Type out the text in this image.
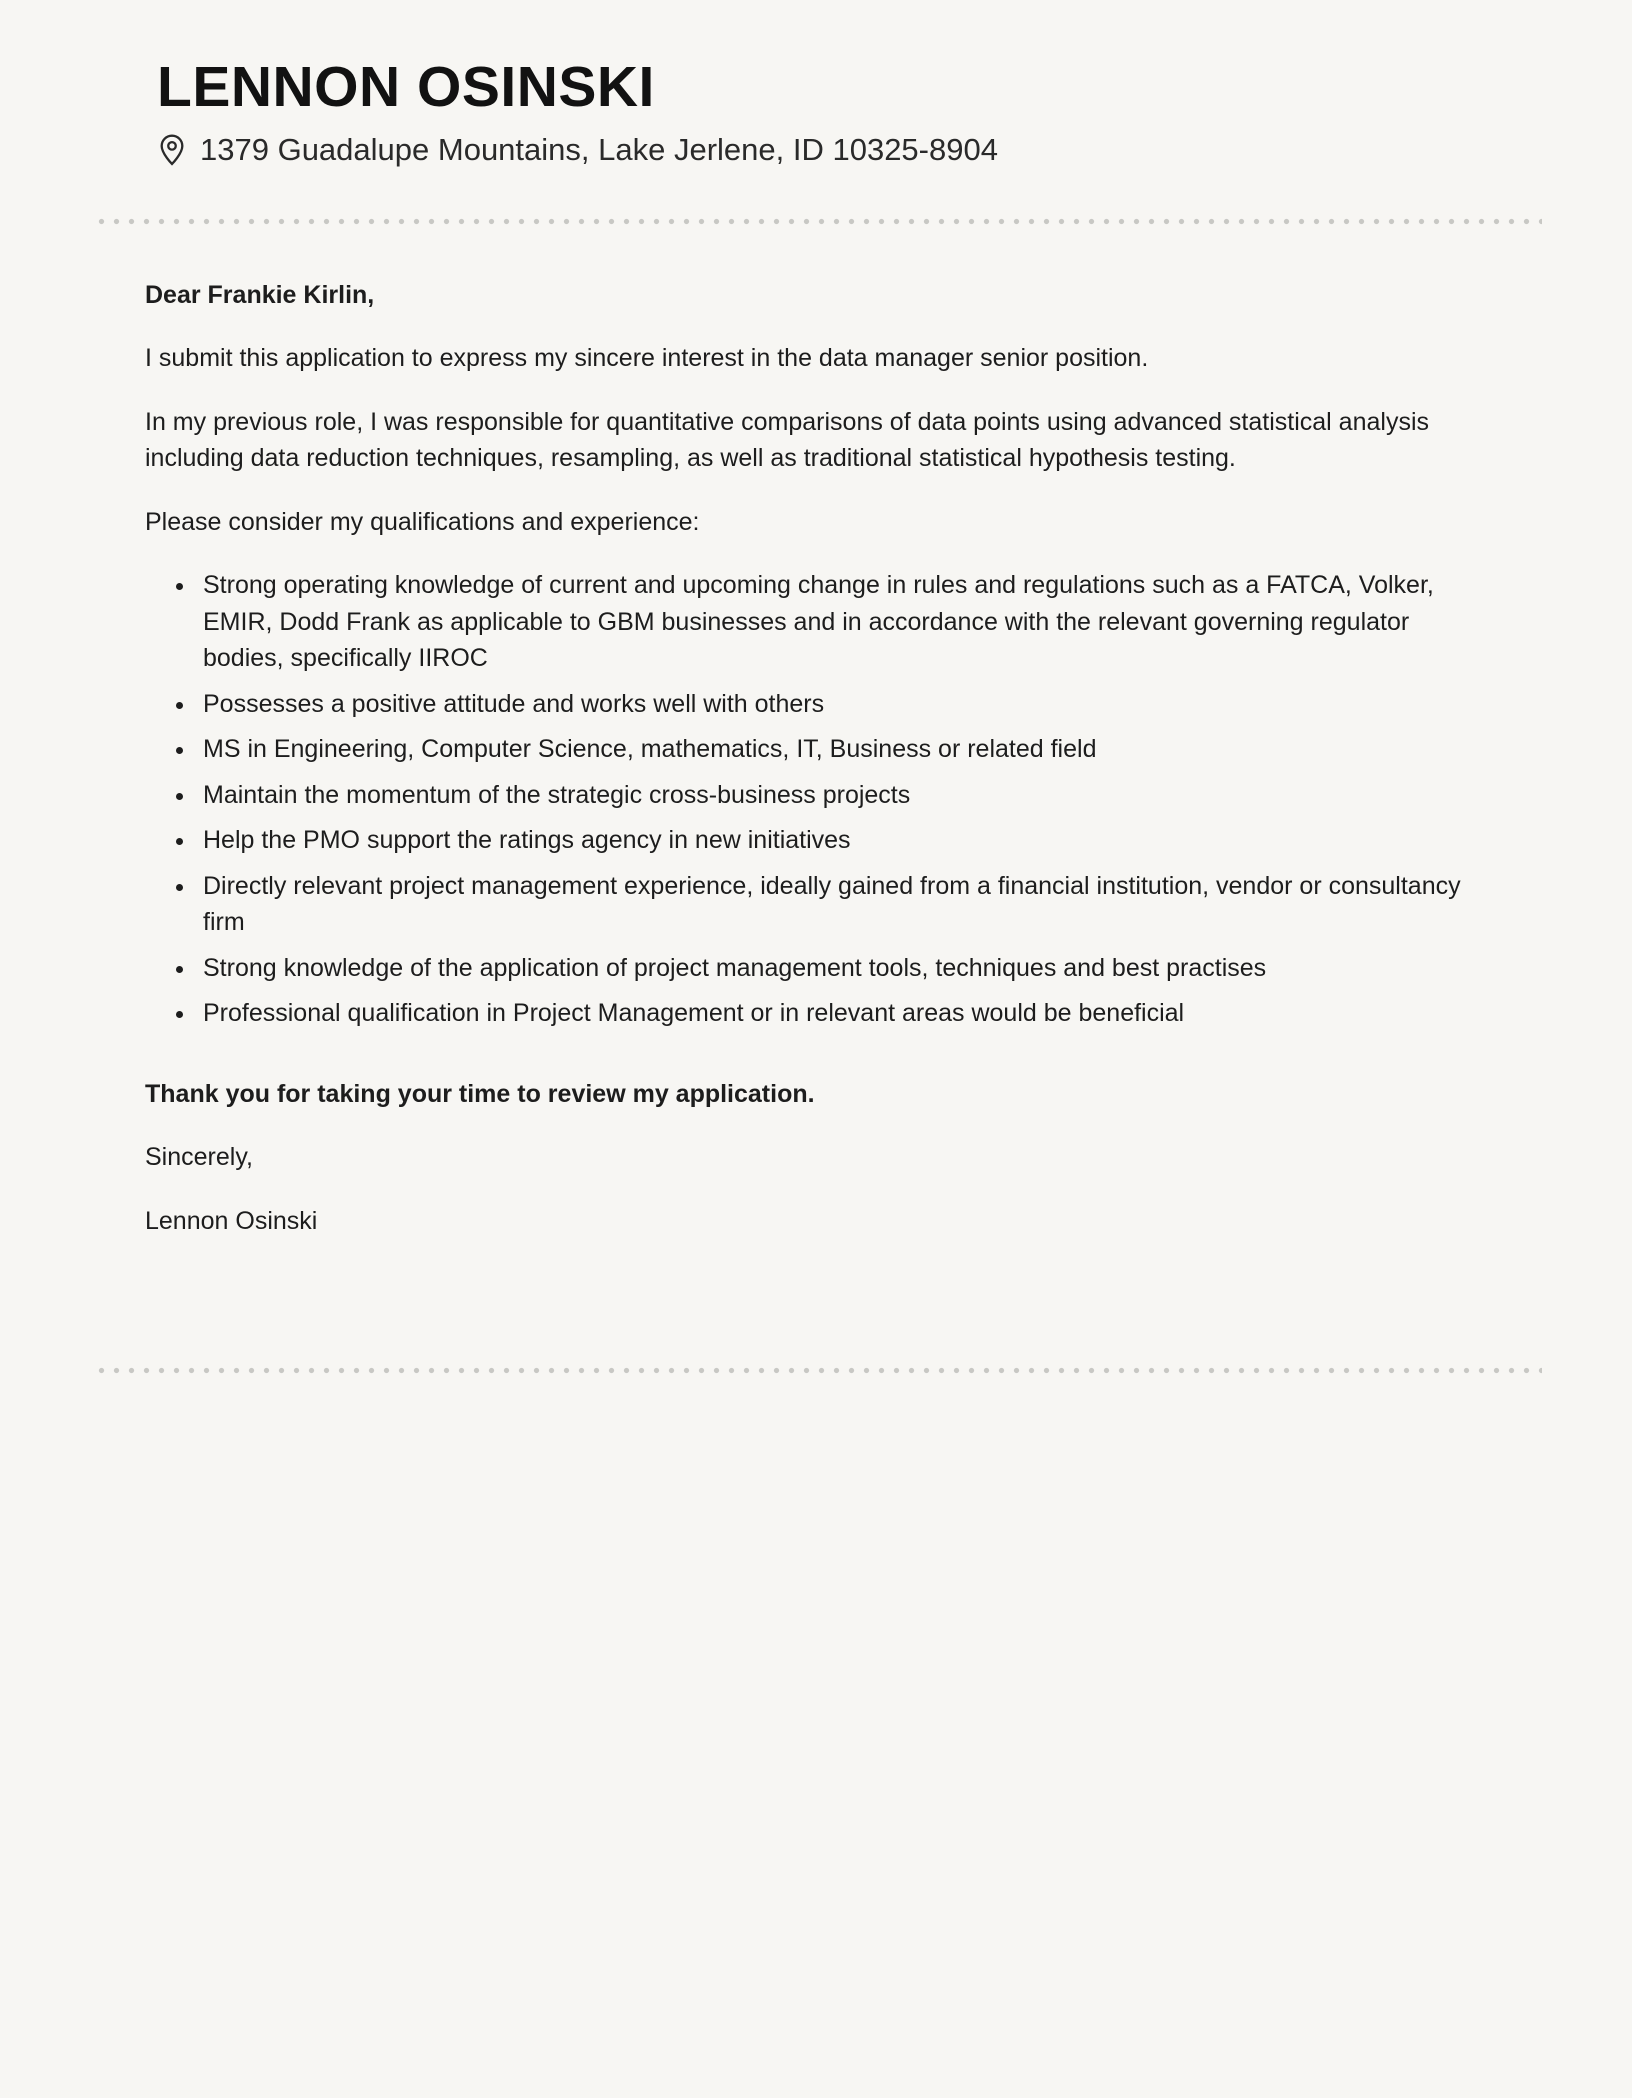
LENNON OSINSKI
1379 Guadalupe Mountains, Lake Jerlene, ID 10325-8904

Dear Frankie Kirlin,

I submit this application to express my sincere interest in the data manager senior position.

In my previous role, I was responsible for quantitative comparisons of data points using advanced statistical analysis including data reduction techniques, resampling, as well as traditional statistical hypothesis testing.

Please consider my qualifications and experience:

• Strong operating knowledge of current and upcoming change in rules and regulations such as a FATCA, Volker, EMIR, Dodd Frank as applicable to GBM businesses and in accordance with the relevant governing regulator bodies, specifically IIROC
• Possesses a positive attitude and works well with others
• MS in Engineering, Computer Science, mathematics, IT, Business or related field
• Maintain the momentum of the strategic cross-business projects
• Help the PMO support the ratings agency in new initiatives
• Directly relevant project management experience, ideally gained from a financial institution, vendor or consultancy firm
• Strong knowledge of the application of project management tools, techniques and best practises
• Professional qualification in Project Management or in relevant areas would be beneficial

Thank you for taking your time to review my application.

Sincerely,

Lennon Osinski
